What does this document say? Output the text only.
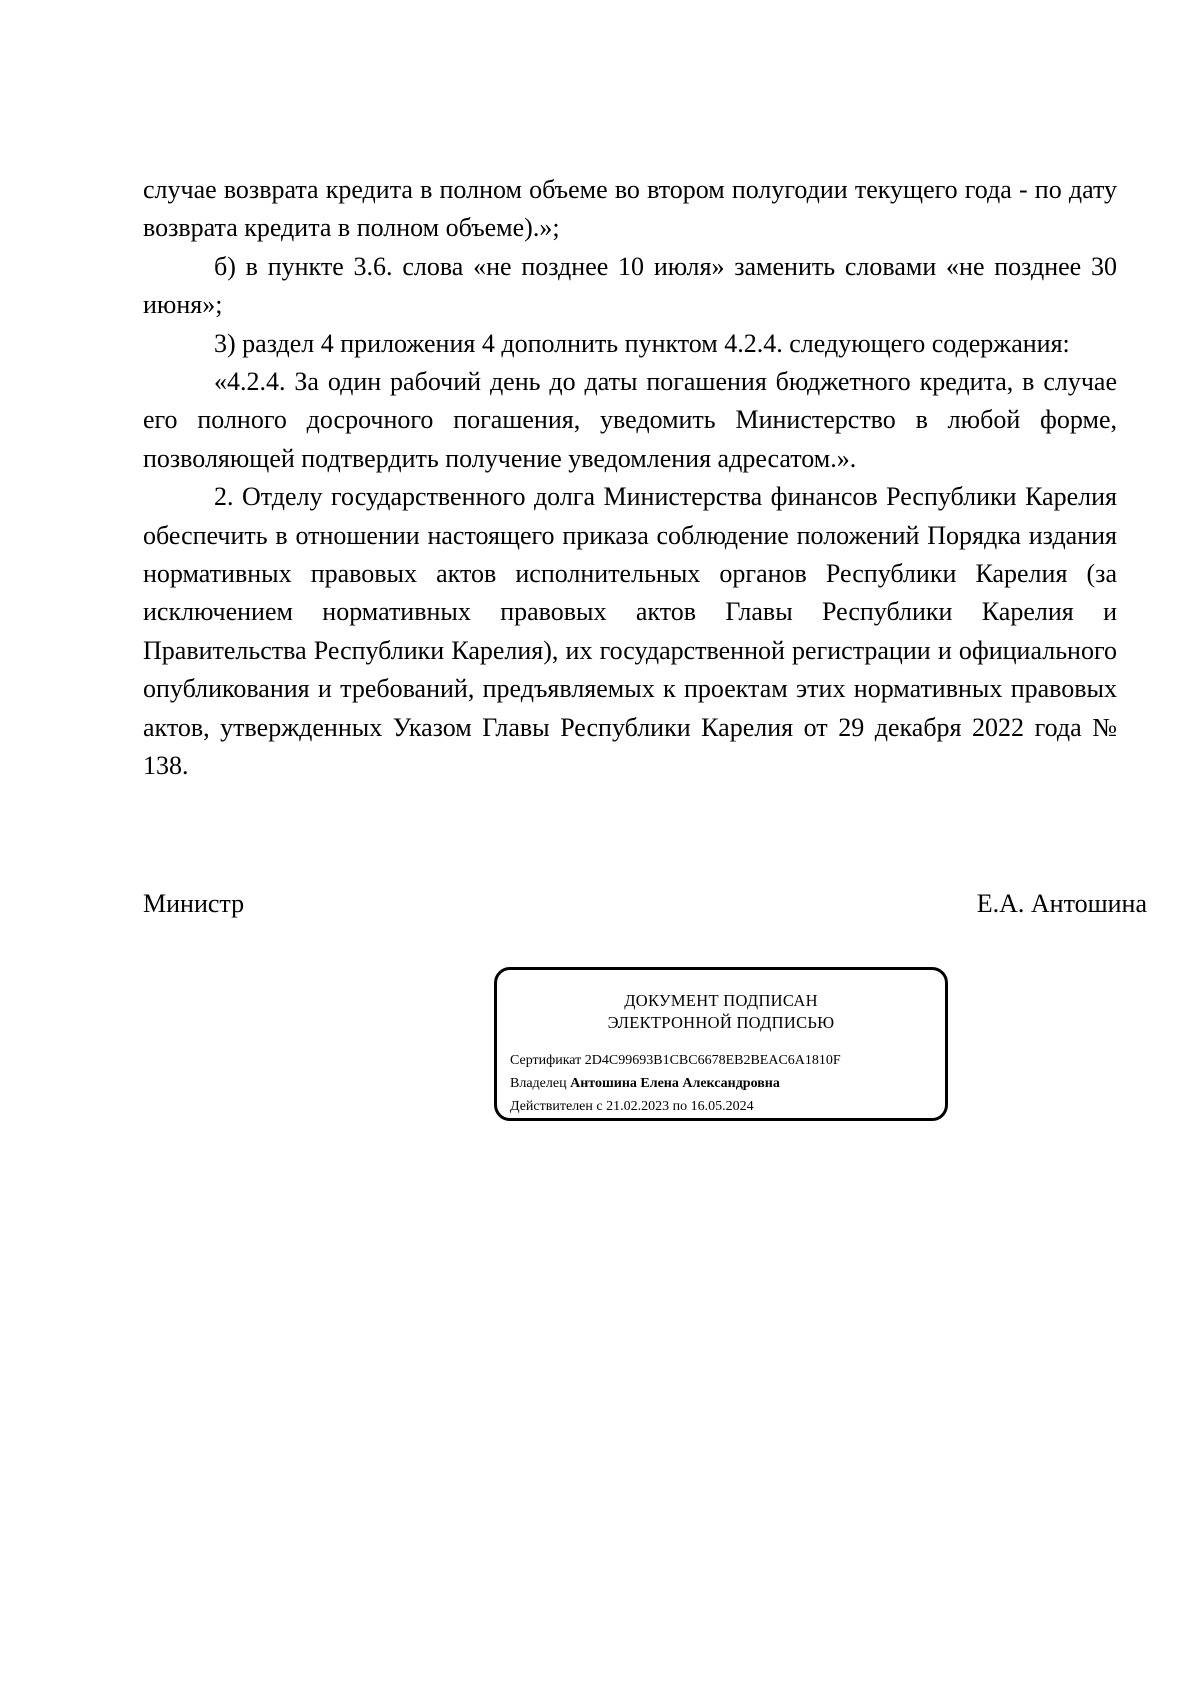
случае возврата кредита в полном объеме во втором полугодии текущего года - по дату возврата кредита в полном объеме).»;

б) в пункте 3.6. слова «не позднее 10 июля» заменить словами «не позднее 30 июня»;

3) раздел 4 приложения 4 дополнить пунктом 4.2.4. следующего содержания:

«4.2.4. За один рабочий день до даты погашения бюджетного кредита, в случае его полного досрочного погашения, уведомить Министерство в любой форме, позволяющей подтвердить получение уведомления адресатом.».

2. Отделу государственного долга Министерства финансов Республики Карелия обеспечить в отношении настоящего приказа соблюдение положений Порядка издания нормативных правовых актов исполнительных органов Республики Карелия (за исключением нормативных правовых актов Главы Республики Карелия и Правительства Республики Карелия), их государственной регистрации и официального опубликования и требований, предъявляемых к проектам этих нормативных правовых актов, утвержденных Указом Главы Республики Карелия от 29 декабря 2022 года № 138.

Министр	Е.А. Антошина
ДОКУМЕНТ ПОДПИСАН
ЭЛЕКТРОННОЙ ПОДПИСЬЮ
Сертификат 2D4C99693B1CBC6678EB2BEAC6A1810F
Владелец Антошина Елена Александровна
Действителен с 21.02.2023 по 16.05.2024
